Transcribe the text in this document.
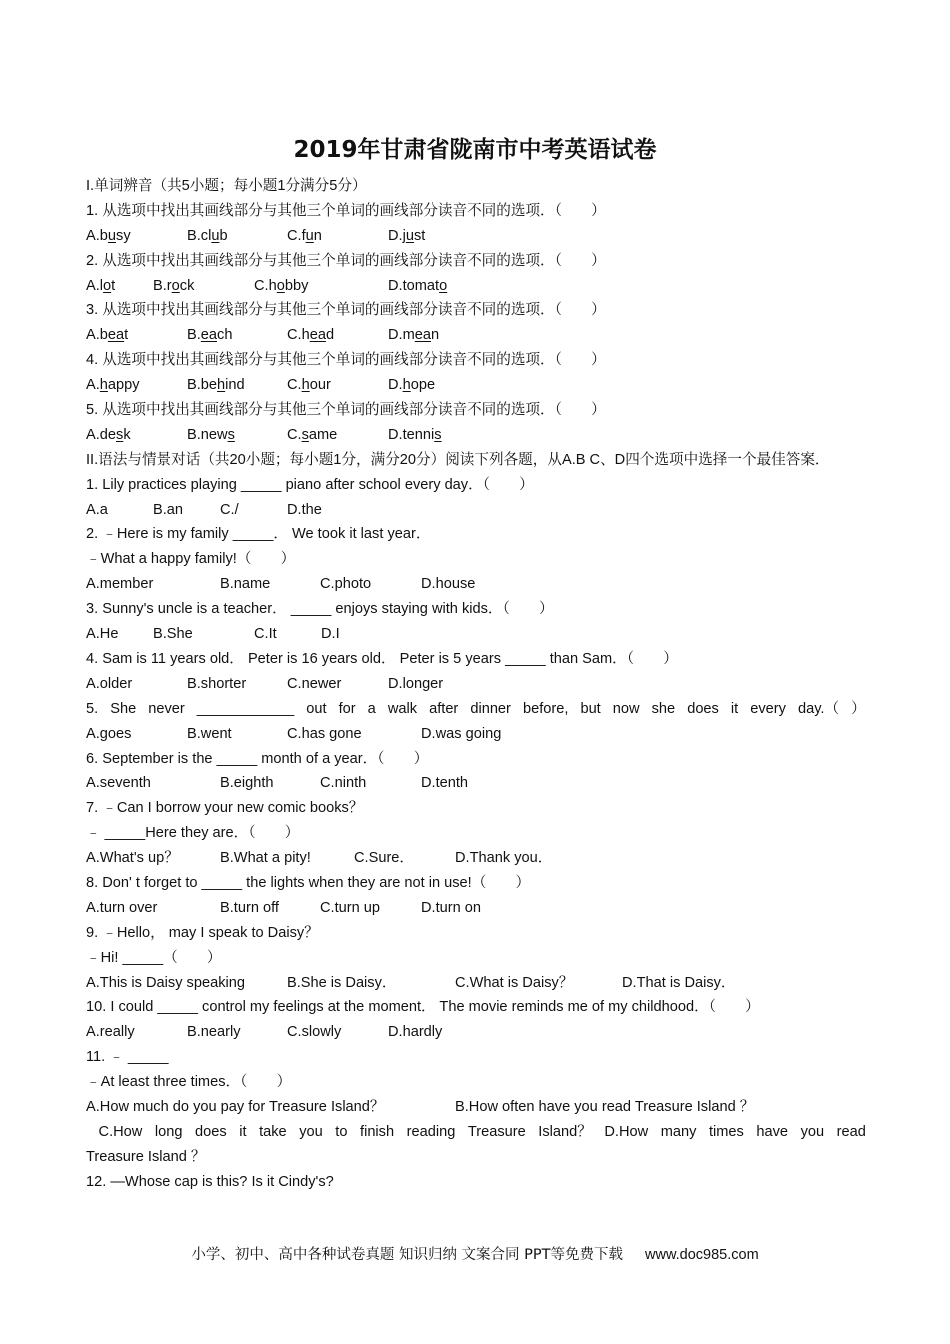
2019年甘肃省陇南市中考英语试卷
I.单词辨音（共5小题；每小题1分满分5分）
1. 从选项中找出其画线部分与其他三个单词的画线部分读音不同的选项．（　　）
A.busy	B.club	C.fun	D.just
2. 从选项中找出其画线部分与其他三个单词的画线部分读音不同的选项．（　　）
A.lot	B.rock	C.hobby	D.tomato
3. 从选项中找出其画线部分与其他三个单词的画线部分读音不同的选项．（　　）
A.beat	B.each	C.head	D.mean
4. 从选项中找出其画线部分与其他三个单词的画线部分读音不同的选项．（　　）
A.happy	B.behind	C.hour	D.hope
5. 从选项中找出其画线部分与其他三个单词的画线部分读音不同的选项．（　　）
A.desk	B.news	C.same	D.tennis
II.语法与情景对话（共20小题；每小题1分，满分20分）阅读下列各题，从A.B C、D四个选项中选择一个最佳答案．
1. Lily practices playing _____ piano after school every day．（　　）
A.a	B.an	C./	D.the
2. ﹣Here is my family _____． We took it last year．
﹣What a happy family!（　　）
A.member	B.name	C.photo	D.house
3. Sunny's uncle is a teacher． _____ enjoys staying with kids．（　　）
A.He B.She	C.It	D.I
4. Sam is 11 years old． Peter is 16 years old． Peter is 5 years _____ than Sam．（　　）
A.older	B.shorter	C.newer	D.longer
5. She never ____________ out for a walk after dinner before, but now she does it every day.（ ）
A.goes	B.went	C.has gone	D.was going
6. September is the _____ month of a year．（　　）
A.seventh	B.eighth	C.ninth	D.tenth
7. ﹣Can I borrow your new comic books？
﹣ _____Here they are．（　　）
A.What's up？	B.What a pity!	C.Sure．	D.Thank you．
8. Don' t forget to _____ the lights when they are not in use!（　　）
A.turn over	B.turn off	C.turn up	D.turn on
9. ﹣Hello， may I speak to Daisy？
﹣Hi! _____（　　）
A.This is Daisy speaking	B.She is Daisy．	C.What is Daisy？	D.That is Daisy．
10. I could _____ control my feelings at the moment． The movie reminds me of my childhood．（　　）
A.really	B.nearly	C.slowly	D.hardly
11. ﹣ _____
﹣At least three times．（　　）
A.How much do you pay for Treasure Island？	B.How often have you read Treasure Island ？
C.How long does it take you to finish reading Treasure Island？ D.How many times have you read
Treasure Island ？
12. —Whose cap is this? Is it Cindy's?
小学、初中、高中各种试卷真题 知识归纳 文案合同 PPT等免费下载 www.doc985.com
